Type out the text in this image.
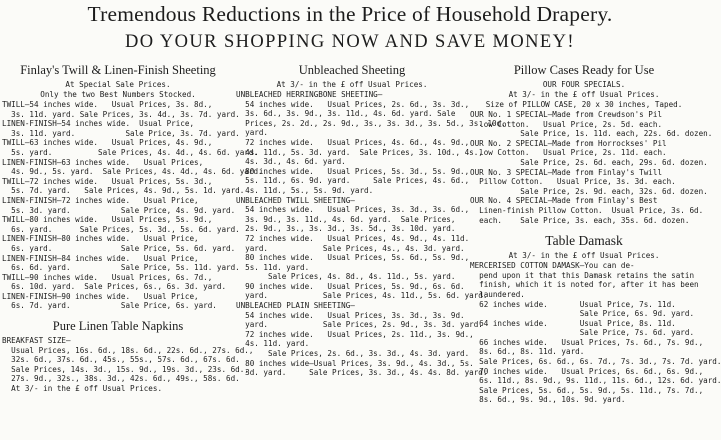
Tremendous Reductions in the Price of Household Drapery.
DO YOUR SHOPPING NOW AND SAVE MONEY!
Finlay's Twill & Linen-Finish Sheeting
At Special Sale Prices.
Only the two Best Numbers Stocked.
TWILL—54 inches wide.   Usual Prices, 3s. 8d.,
3s. 11d. yard. Sale Prices, 3s. 4d., 3s. 7d. yard.
LINEN-FINISH—54 inches wide.  Usual Price,
3s. 11d. yard.           Sale Price, 3s. 7d. yard.
TWILL—63 inches wide.   Usual Prices, 4s. 9d.,
5s. yard.          Sale Prices, 4s. 4d., 4s. 6d. yard.
LINEN-FINISH—63 inches wide.   Usual Prices,
4s. 9d., 5s. yard.  Sale Prices, 4s. 4d., 4s. 6d. yard.
TWILL—72 inches wide.   Usual Prices, 5s. 3d.,
5s. 7d. yard.   Sale Prices, 4s. 9d., 5s. 1d. yard.
LINEN-FINISH—72 inches wide.   Usual Price,
5s. 3d. yard.           Sale Price, 4s. 9d. yard.
TWILL—80 inches wide.   Usual Prices, 5s. 9d.,
6s. yard.      Sale Prices, 5s. 3d., 5s. 6d. yard.
LINEN-FINISH—80 inches wide.   Usual Price,
6s. yard.               Sale Price, 5s. 6d. yard.
LINEN-FINISH—84 inches wide.   Usual Price,
6s. 6d. yard.           Sale Price, 5s. 11d. yard.
TWILL—90 inches wide.   Usual Prices, 6s. 7d.,
6s. 10d. yard.  Sale Prices, 6s., 6s. 3d. yard.
LINEN-FINISH—90 inches wide.   Usual Price,
6s. 7d. yard.           Sale Price, 6s. yard.
Pure Linen Table Napkins
BREAKFAST SIZE—
Usual Prices, 16s. 6d., 18s. 6d., 22s. 6d., 27s. 6d.,
32s. 6d., 37s. 6d., 45s., 55s., 57s. 6d., 67s. 6d.
Sale Prices, 14s. 3d., 15s. 9d., 19s. 3d., 23s. 6d.,
27s. 9d., 32s., 38s. 3d., 42s. 6d., 49s., 58s. 6d.
At 3/- in the £ off Usual Prices.
Unbleached Sheeting
At 3/- in the £ off Usual Prices.
UNBLEACHED HERRINGBONE SHEETING—
54 inches wide.   Usual Prices, 2s. 6d., 3s. 3d.,
3s. 6d., 3s. 9d., 3s. 11d., 4s. 6d. yard. Sale
Prices, 2s. 2d., 2s. 9d., 3s., 3s. 3d., 3s. 5d., 3s. 10d.
yard.
72 inches wide.   Usual Prices, 4s. 6d., 4s. 9d.,
4s. 11d., 5s. 3d. yard.  Sale Prices, 3s. 10d., 4s.,
4s. 3d., 4s. 6d. yard.
80 inches wide.   Usual Prices, 5s. 3d., 5s. 9d.,
5s. 11d., 6s. 9d. yard.     Sale Prices, 4s. 6d.,
4s. 11d., 5s., 5s. 9d. yard.
UNBLEACHED TWILL SHEETING—
54 inches wide.   Usual Prices, 3s. 3d., 3s. 6d.,
3s. 9d., 3s. 11d., 4s. 6d. yard.  Sale Prices,
2s. 9d., 3s., 3s. 3d., 3s. 5d., 3s. 10d. yard.
72 inches wide.   Usual Prices, 4s. 9d., 4s. 11d.
yard.            Sale Prices, 4s., 4s. 3d. yard.
80 inches wide.   Usual Prices, 5s. 6d., 5s. 9d.,
5s. 11d. yard.
Sale Prices, 4s. 8d., 4s. 11d., 5s. yard.
90 inches wide.   Usual Prices, 5s. 9d., 6s. 6d.
yard.            Sale Prices, 4s. 11d., 5s. 6d. yard.
UNBLEACHED PLAIN SHEETING—
54 inches wide.   Usual Prices, 3s. 3d., 3s. 9d.
yard.            Sale Prices, 2s. 9d., 3s. 3d. yard.
72 inches wide.   Usual Prices, 2s. 11d., 3s. 9d.,
4s. 11d. yard.
Sale Prices, 2s. 6d., 3s. 3d., 4s. 3d. yard.
80 inches wide—Usual Prices, 3s. 9d., 4s. 3d., 5s.
3d. yard.     Sale Prices, 3s. 3d., 4s. 4s. 8d. yard.
Pillow Cases Ready for Use
OUR FOUR SPECIALS.
At 3/- in the £ off Usual Prices.
Size of PILLOW CASE, 20 x 30 inches, Taped.
OUR No. 1 SPECIAL—Made from Crewdson's Pil
low Cotton.   Usual Price, 2s. 5d. each.
Sale Price, 1s. 11d. each, 22s. 6d. dozen.
OUR No. 2 SPECIAL—Made from Horrockses' Pil
low Cotton.   Usual Price, 2s. 11d. each.
Sale Price, 2s. 6d. each, 29s. 6d. dozen.
OUR No. 3 SPECIAL—Made from Finlay's Twill
Pillow Cotton.   Usual Price, 3s. 3d. each.
Sale Price, 2s. 9d. each, 32s. 6d. dozen.
OUR No. 4 SPECIAL—Made from Finlay's Best
Linen-finish Pillow Cotton.  Usual Price, 3s. 6d.
each.    Sale Price, 3s. each, 35s. 6d. dozen.
Table Damask
At 3/- in the £ off Usual Prices.
MERCERISED COTTON DAMASK—You can de-
pend upon it that this Damask retains the satin
finish, which it is noted for, after it has been
laundered.
62 inches wide.       Usual Price, 7s. 11d.
Sale Price, 6s. 9d. yard.
64 inches wide.       Usual Price, 8s. 11d.
Sale Price, 7s. 6d. yard.
66 inches wide.   Usual Prices, 7s. 6d., 7s. 9d.,
8s. 6d., 8s. 11d. yard.
Sale Prices, 6s. 6d., 6s. 7d., 7s. 3d., 7s. 7d. yard.
70 inches wide.   Usual Prices, 6s. 6d., 6s. 9d.,
6s. 11d., 8s. 9d., 9s. 11d., 11s. 6d., 12s. 6d. yard.
Sale Prices, 5s. 6d., 5s. 9d., 5s. 11d., 7s. 7d.,
8s. 6d., 9s. 9d., 10s. 9d. yard.
